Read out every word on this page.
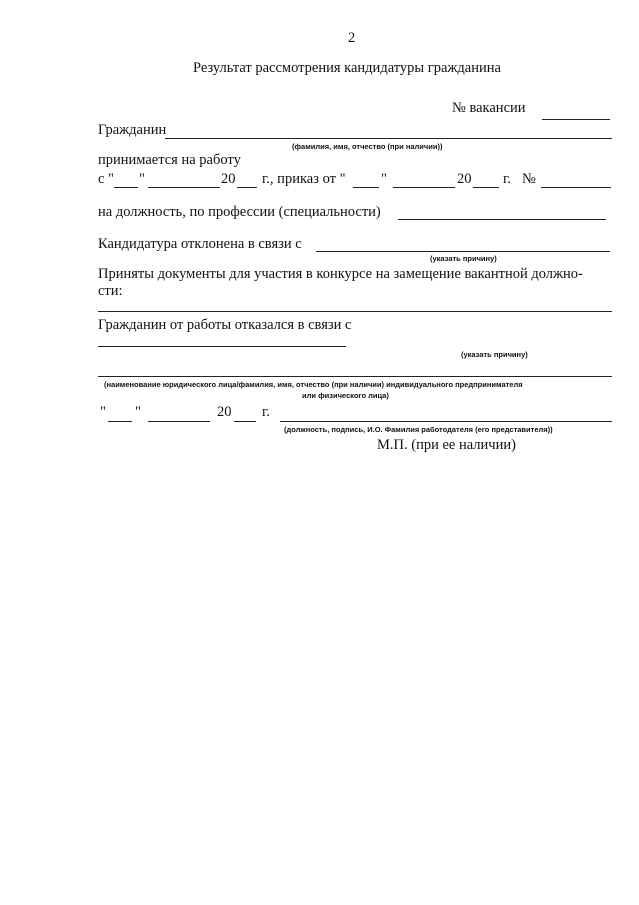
2
Результат рассмотрения кандидатуры гражданина
№ вакансии
Гражданин
(фамилия, имя, отчество (при наличии))
принимается на работу
с " "	20 г., приказ от " "	20 г. №
на должность, по профессии (специальности)
Кандидатура отклонена в связи с
(указать причину)
Приняты документы для участия в конкурсе на замещение вакантной должно-
сти:
Гражданин от работы отказался в связи с
(указать причину)
(наименование юридического лица/фамилия, имя, отчество (при наличии) индивидуального предпринимателя
или физического лица)
" "	20 г.
(должность, подпись, И.О. Фамилия работодателя (его представителя))
М.П. (при ее наличии)
